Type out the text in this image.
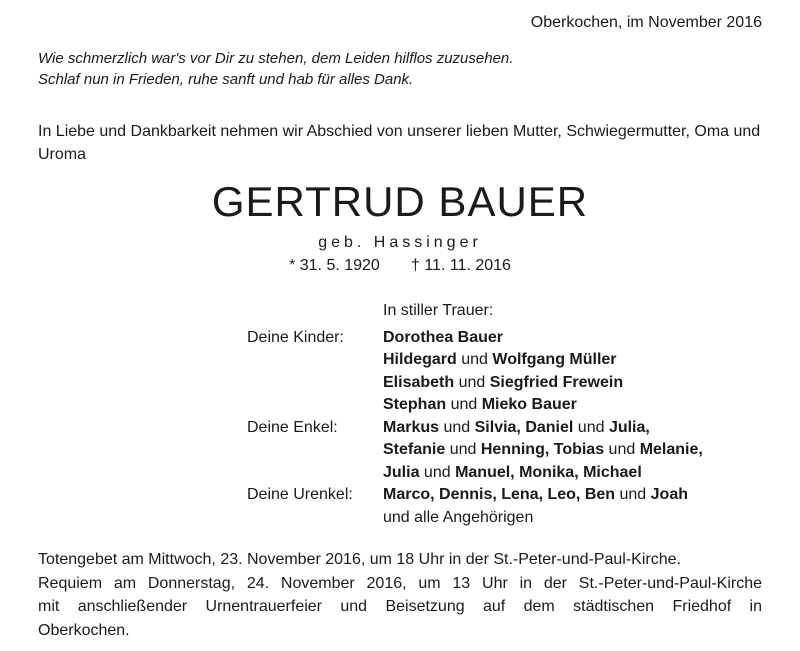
Oberkochen, im November 2016
Wie schmerzlich war's vor Dir zu stehen, dem Leiden hilflos zuzusehen.
Schlaf nun in Frieden, ruhe sanft und hab für alles Dank.
In Liebe und Dankbarkeit nehmen wir Abschied von unserer lieben Mutter, Schwiegermutter, Oma und Uroma
GERTRUD BAUER
geb. Hassinger
* 31. 5. 1920 † 11. 11. 2016
In stiller Trauer:
Deine Kinder:	Dorothea Bauer
Hildegard und Wolfgang Müller
Elisabeth und Siegfried Frewein
Stephan und Mieko Bauer
Deine Enkel:	Markus und Silvia, Daniel und Julia,
Stefanie und Henning, Tobias und Melanie,
Julia und Manuel, Monika, Michael
Deine Urenkel:	Marco, Dennis, Lena, Leo, Ben und Joah
und alle Angehörigen
Totengebet am Mittwoch, 23. November 2016, um 18 Uhr in der St.-Peter-und-Paul-Kirche.
Requiem am Donnerstag, 24. November 2016, um 13 Uhr in der St.-Peter-und-Paul-Kirche
mit anschließender Urnentrauerfeier und Beisetzung auf dem städtischen Friedhof in
Oberkochen.
